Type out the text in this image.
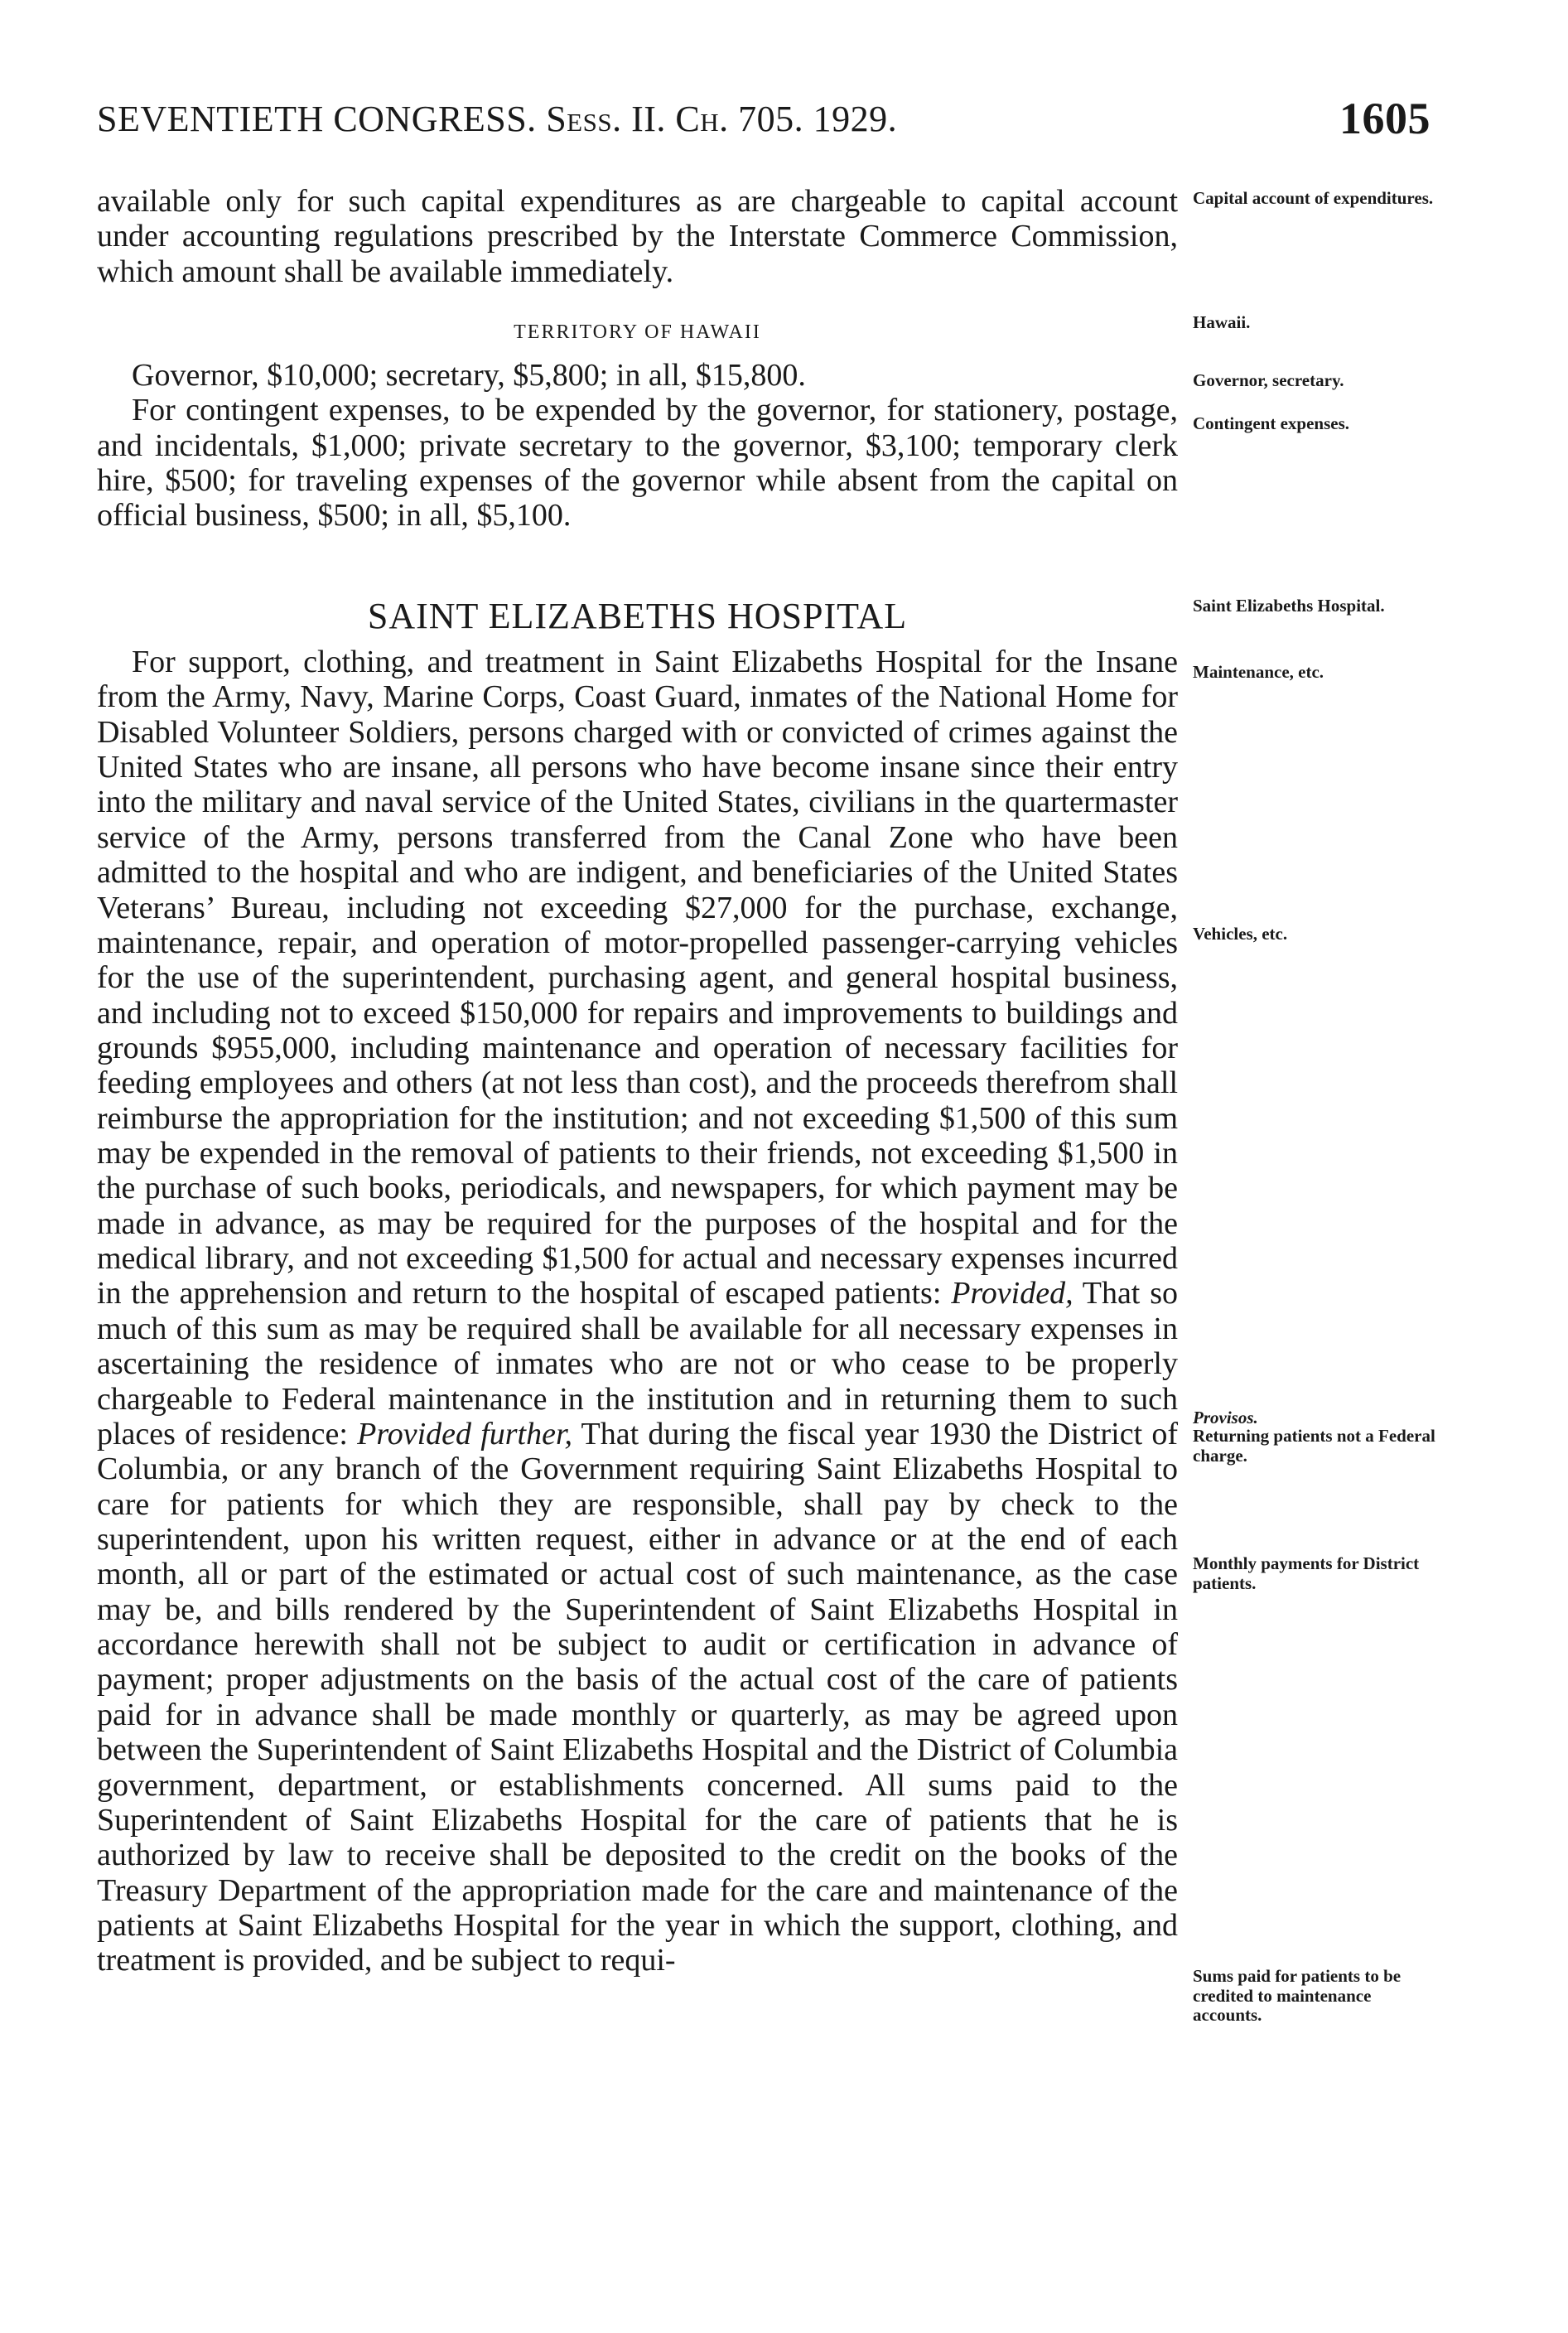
SEVENTIETH CONGRESS. Sess. II. Ch. 705. 1929.	1605

available only for such capital expenditures as are chargeable to capital account under accounting regulations prescribed by the Interstate Commerce Commission, which amount shall be available immediately.

TERRITORY OF HAWAII

Governor, $10,000; secretary, $5,800; in all, $15,800.

For contingent expenses, to be expended by the governor, for stationery, postage, and incidentals, $1,000; private secretary to the governor, $3,100; temporary clerk hire, $500; for traveling expenses of the governor while absent from the capital on official business, $500; in all, $5,100.

SAINT ELIZABETHS HOSPITAL

For support, clothing, and treatment in Saint Elizabeths Hospital for the Insane from the Army, Navy, Marine Corps, Coast Guard, inmates of the National Home for Disabled Volunteer Soldiers, persons charged with or convicted of crimes against the United States who are insane, all persons who have become insane since their entry into the military and naval service of the United States, civilians in the quartermaster service of the Army, persons transferred from the Canal Zone who have been admitted to the hospital and who are indigent, and beneficiaries of the United States Veterans’ Bureau, including not exceeding $27,000 for the purchase, exchange, maintenance, repair, and operation of motor-propelled passenger-carrying vehicles for the use of the superintendent, purchasing agent, and general hospital business, and including not to exceed $150,000 for repairs and improvements to buildings and grounds $955,000, including maintenance and operation of necessary facilities for feeding employees and others (at not less than cost), and the proceeds therefrom shall reimburse the appropriation for the institution; and not exceeding $1,500 of this sum may be expended in the removal of patients to their friends, not exceeding $1,500 in the purchase of such books, periodicals, and newspapers, for which payment may be made in advance, as may be required for the purposes of the hospital and for the medical library, and not exceeding $1,500 for actual and necessary expenses incurred in the apprehension and return to the hospital of escaped patients: Provided, That so much of this sum as may be required shall be available for all necessary expenses in ascertaining the residence of inmates who are not or who cease to be properly chargeable to Federal maintenance in the institution and in returning them to such places of residence: Provided further, That during the fiscal year 1930 the District of Columbia, or any branch of the Government requiring Saint Elizabeths Hospital to care for patients for which they are responsible, shall pay by check to the superintendent, upon his written request, either in advance or at the end of each month, all or part of the estimated or actual cost of such maintenance, as the case may be, and bills rendered by the Superintendent of Saint Elizabeths Hospital in accordance herewith shall not be subject to audit or certification in advance of payment; proper adjustments on the basis of the actual cost of the care of patients paid for in advance shall be made monthly or quarterly, as may be agreed upon between the Superintendent of Saint Elizabeths Hospital and the District of Columbia government, department, or establishments concerned. All sums paid to the Superintendent of Saint Elizabeths Hospital for the care of patients that he is authorized by law to receive shall be deposited to the credit on the books of the Treasury Department of the appropriation made for the care and maintenance of the patients at Saint Elizabeths Hospital for the year in which the support, clothing, and treatment is provided, and be subject to requi-

Capital account of expenditures.

Hawaii.

Governor, secretary.

Contingent expenses.

Saint Elizabeths Hospital.

Maintenance, etc.

Vehicles, etc.

Provisos.

Returning patients not a Federal charge.

Monthly payments for District patients.

Sums paid for patients to be credited to maintenance accounts.
